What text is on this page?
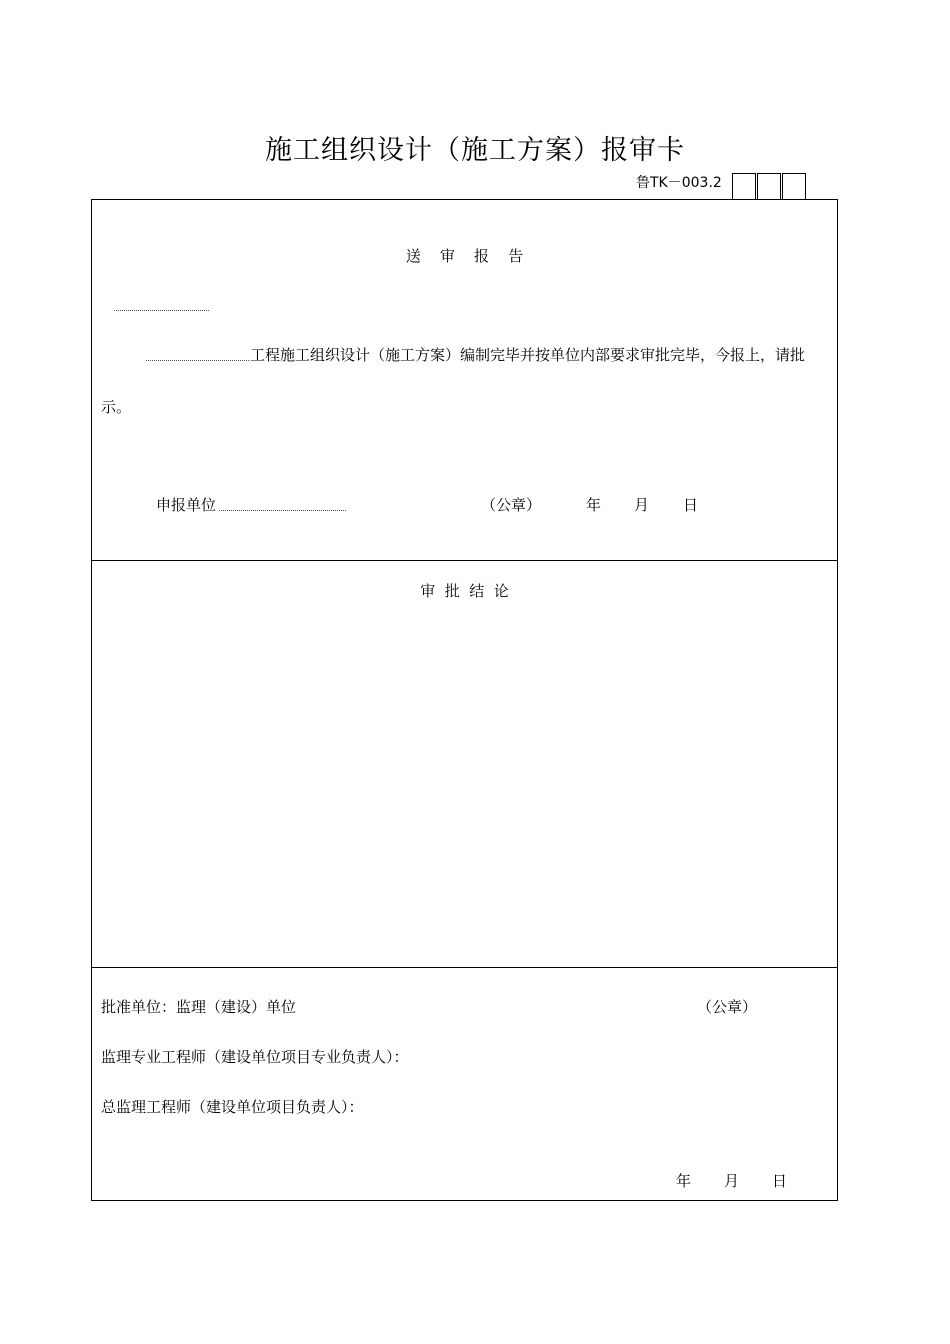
施工组织设计（施工方案）报审卡
鲁TK－003.2
送    审    报    告
工程施工组织设计（施工方案）编制完毕并按单位内部要求审批完毕，今报上，请批
示。
申报单位	（公章）	年 月 日
审  批  结  论
批准单位：监理（建设）单位	（公章）
监理专业工程师（建设单位项目专业负责人）：
总监理工程师（建设单位项目负责人）：
年 月 日
